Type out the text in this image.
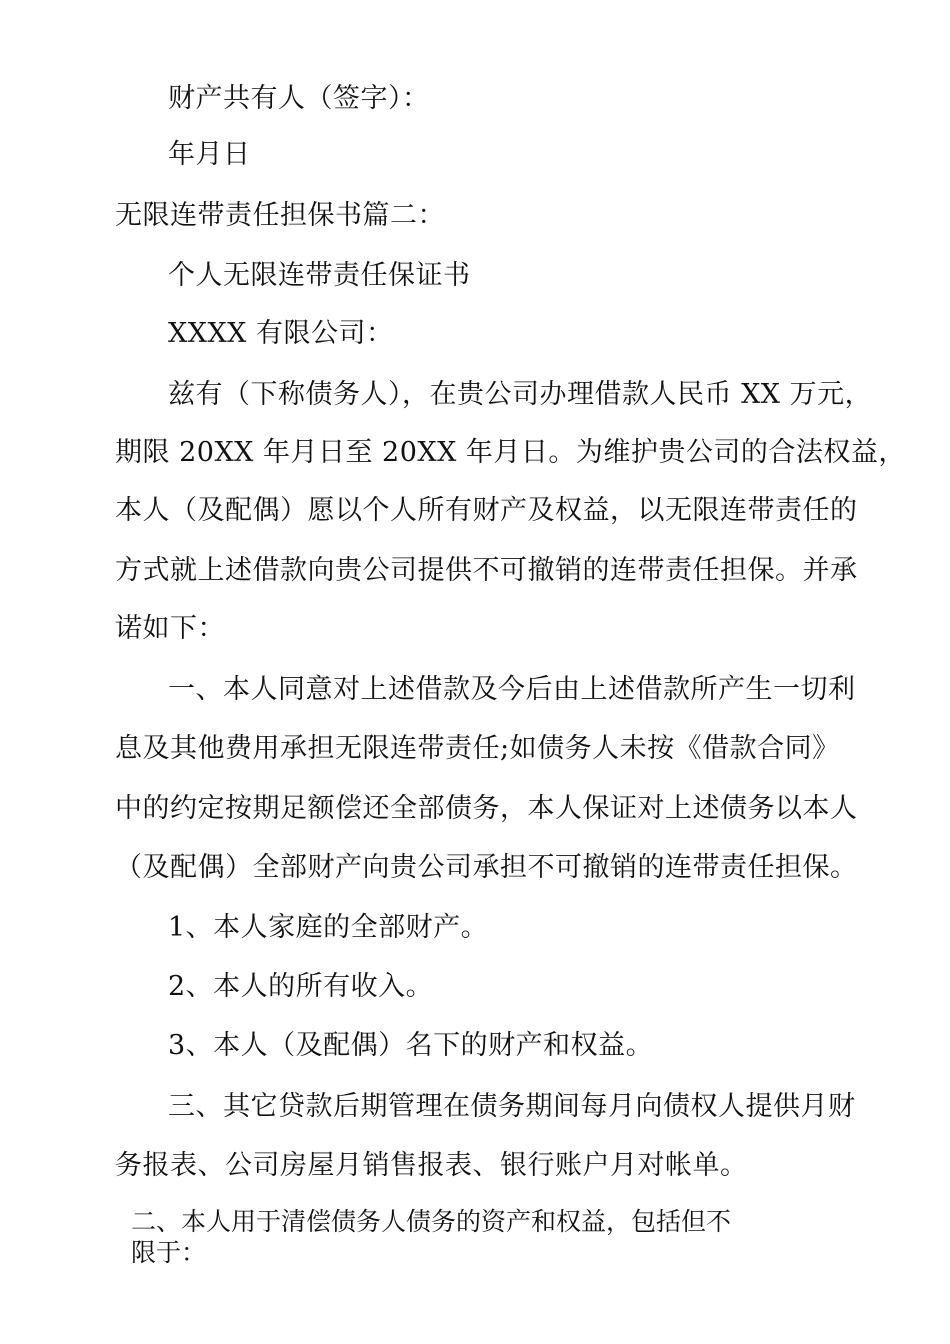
财产共有人（签字）：
年月日
无限连带责任担保书篇二：
个人无限连带责任保证书
XXXX 有限公司：
兹有（下称债务人），在贵公司办理借款人民币 XX 万元，
期限 20XX 年月日至 20XX 年月日。为维护贵公司的合法权益，
本人（及配偶）愿以个人所有财产及权益，以无限连带责任的
方式就上述借款向贵公司提供不可撤销的连带责任担保。并承
诺如下：
一、本人同意对上述借款及今后由上述借款所产生一切利
息及其他费用承担无限连带责任;如债务人未按《借款合同》
中的约定按期足额偿还全部债务，本人保证对上述债务以本人
（及配偶）全部财产向贵公司承担不可撤销的连带责任担保。
1、本人家庭的全部财产。
2、本人的所有收入。
3、本人（及配偶）名下的财产和权益。
三、其它贷款后期管理在债务期间每月向债权人提供月财
务报表、公司房屋月销售报表、银行账户月对帐单。
二、本人用于清偿债务人债务的资产和权益，包括但不
限于：
